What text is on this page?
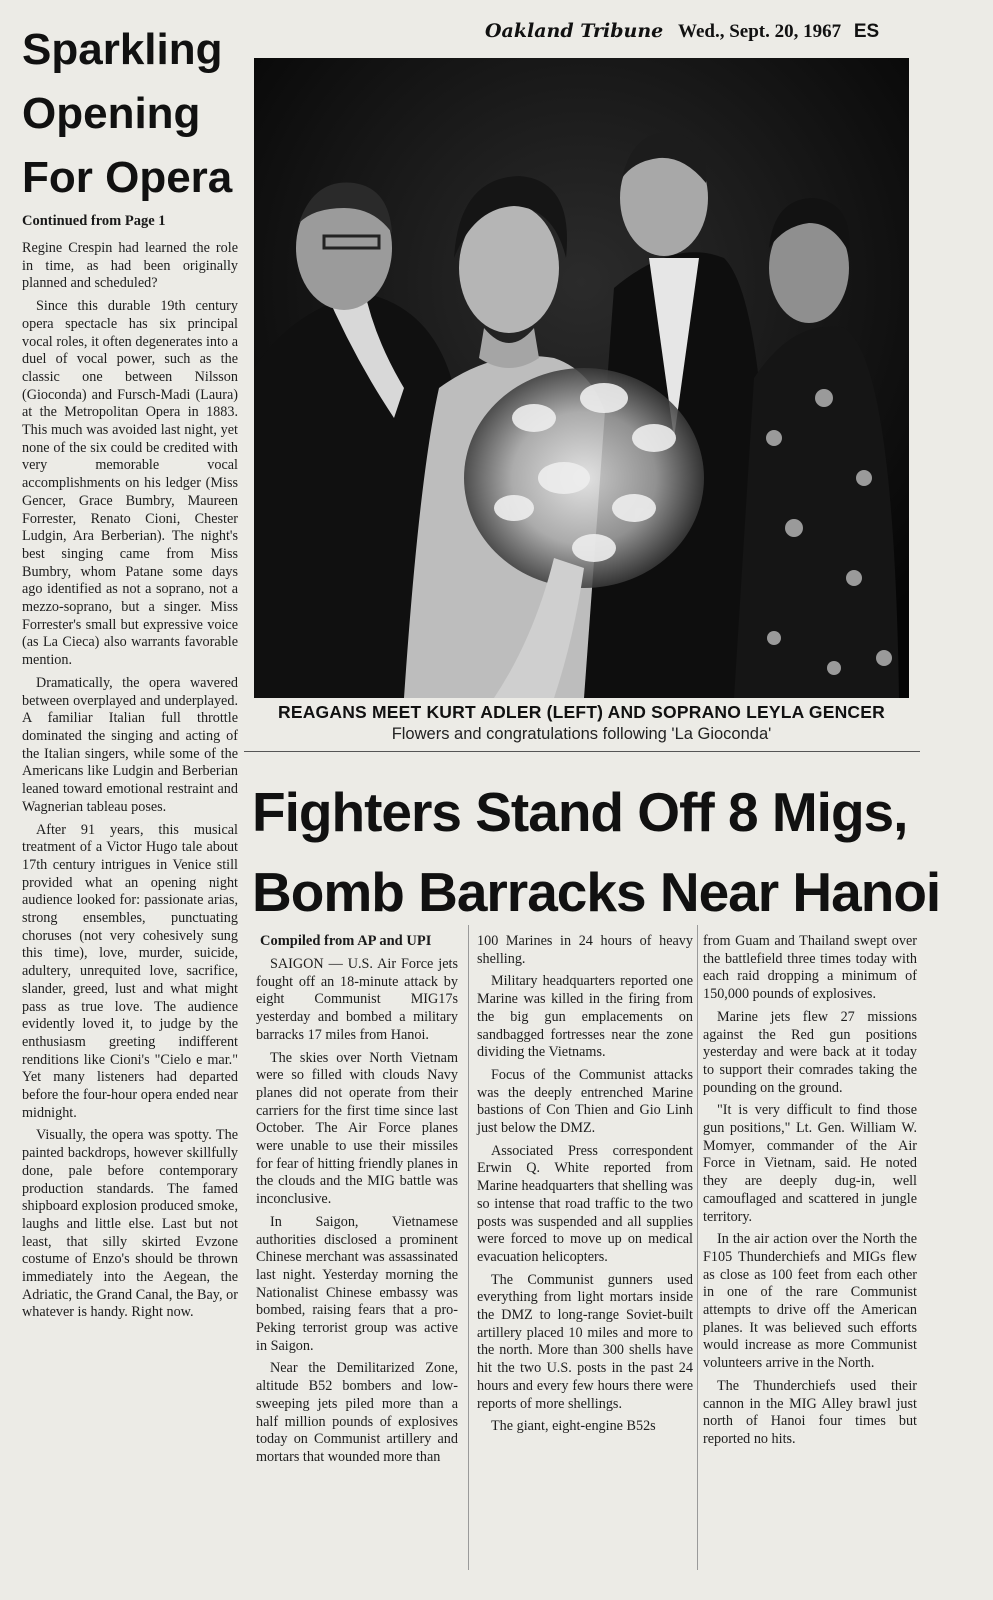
Oakland Tribune Wed., Sept. 20, 1967 ES
Sparkling
Opening
For Opera
Continued from Page 1

Regine Crespin had learned the role in time, as had been originally planned and scheduled?

Since this durable 19th century opera spectacle has six principal vocal roles, it often degenerates into a duel of vocal power, such as the classic one between Nilsson (Gioconda) and Fursch-Madi (Laura) at the Metropolitan Opera in 1883. This much was avoided last night, yet none of the six could be credited with very memorable vocal accomplishments on his ledger (Miss Gencer, Grace Bumbry, Maureen Forrester, Renato Cioni, Chester Ludgin, Ara Berberian). The night's best singing came from Miss Bumbry, whom Patane some days ago identified as not a soprano, not a mezzo-soprano, but a singer. Miss Forrester's small but expressive voice (as La Cieca) also warrants favorable mention.

Dramatically, the opera wavered between overplayed and underplayed. A familiar Italian full throttle dominated the singing and acting of the Italian singers, while some of the Americans like Ludgin and Berberian leaned toward emotional restraint and Wagnerian tableau poses.

After 91 years, this musical treatment of a Victor Hugo tale about 17th century intrigues in Venice still provided what an opening night audience looked for: passionate arias, strong ensembles, punctuating choruses (not very cohesively sung this time), love, murder, suicide, adultery, unrequited love, sacrifice, slander, greed, lust and what might pass as true love. The audience evidently loved it, to judge by the enthusiasm greeting indifferent renditions like Cioni's "Cielo e mar." Yet many listeners had departed before the four-hour opera ended near midnight.

Visually, the opera was spotty. The painted backdrops, however skillfully done, pale before contemporary production standards. The famed shipboard explosion produced smoke, laughs and little else. Last but not least, that silly skirted Evzone costume of Enzo's should be thrown immediately into the Aegean, the Adriatic, the Grand Canal, the Bay, or whatever is handy. Right now.

REAGANS MEET KURT ADLER (LEFT) AND SOPRANO LEYLA GENCER
Flowers and congratulations following 'La Gioconda'
Fighters Stand Off 8 Migs,
Bomb Barracks Near Hanoi
Compiled from AP and UPI

SAIGON — U.S. Air Force jets fought off an 18-minute attack by eight Communist MIG17s yesterday and bombed a military barracks 17 miles from Hanoi.

The skies over North Vietnam were so filled with clouds Navy planes did not operate from their carriers for the first time since last October. The Air Force planes were unable to use their missiles for fear of hitting friendly planes in the clouds and the MIG battle was inconclusive.

In Saigon, Vietnamese authorities disclosed a prominent Chinese merchant was assassinated last night. Yesterday morning the Nationalist Chinese embassy was bombed, raising fears that a pro-Peking terrorist group was active in Saigon.

Near the Demilitarized Zone, altitude B52 bombers and low-sweeping jets piled more than a half million pounds of explosives today on Communist artillery and mortars that wounded more than

100 Marines in 24 hours of heavy shelling.

Military headquarters reported one Marine was killed in the firing from the big gun emplacements on sandbagged fortresses near the zone dividing the Vietnams.

Focus of the Communist attacks was the deeply entrenched Marine bastions of Con Thien and Gio Linh just below the DMZ.

Associated Press correspondent Erwin Q. White reported from Marine headquarters that shelling was so intense that road traffic to the two posts was suspended and all supplies were forced to move up on medical evacuation helicopters.

The Communist gunners used everything from light mortars inside the DMZ to long-range Soviet-built artillery placed 10 miles and more to the north. More than 300 shells have hit the two U.S. posts in the past 24 hours and every few hours there were reports of more shellings.

The giant, eight-engine B52s

from Guam and Thailand swept over the battlefield three times today with each raid dropping a minimum of 150,000 pounds of explosives.

Marine jets flew 27 missions against the Red gun positions yesterday and were back at it today to support their comrades taking the pounding on the ground.

"It is very difficult to find those gun positions," Lt. Gen. William W. Momyer, commander of the Air Force in Vietnam, said. He noted they are deeply dug-in, well camouflaged and scattered in jungle territory.

In the air action over the North the F105 Thunderchiefs and MIGs flew as close as 100 feet from each other in one of the rare Communist attempts to drive off the American planes. It was believed such efforts would increase as more Communist volunteers arrive in the North.

The Thunderchiefs used their cannon in the MIG Alley brawl just north of Hanoi four times but reported no hits.
